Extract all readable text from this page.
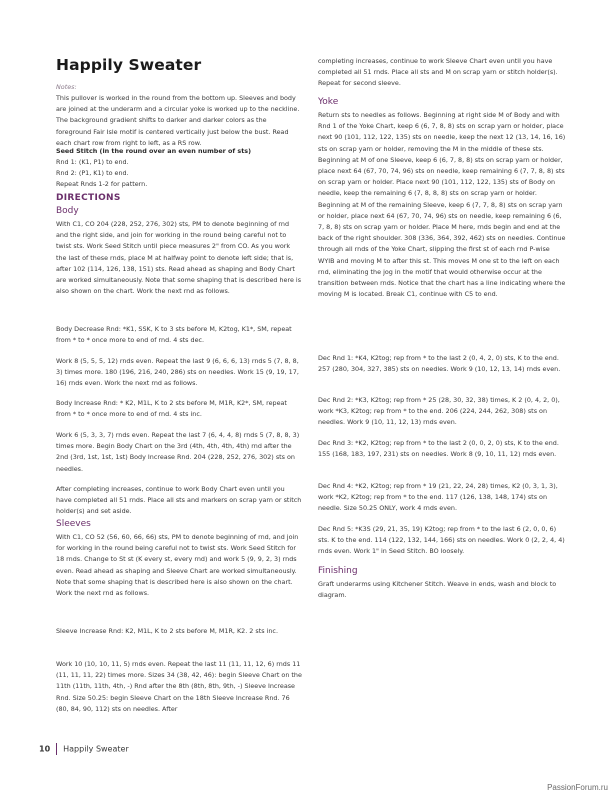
Happily Sweater

Notes:

This pullover is worked in the round from the bottom up. Sleeves and body are joined at the underarm and a circular yoke is worked up to the neckline. The background gradient shifts to darker and darker colors as the foreground Fair Isle motif is centered vertically just below the bust. Read each chart row from right to left, as a RS row.

Seed Stitch (in the round over an even number of sts)

Rnd 1: (K1, P1) to end.

Rnd 2: (P1, K1) to end.

Repeat Rnds 1-2 for pattern.

DIRECTIONS

Body

With C1, CO 204 (228, 252, 276, 302) sts, PM to denote beginning of rnd and the right side, and join for working in the round being careful not to twist sts. Work Seed Stitch until piece measures 2" from CO. As you work the last of these rnds, place M at halfway point to denote left side; that is, after 102 (114, 126, 138, 151) sts. Read ahead as shaping and Body Chart are worked simultaneously. Note that some shaping that is described here is also shown on the chart. Work the next rnd as follows.

Body Decrease Rnd: *K1, SSK, K to 3 sts before M, K2tog, K1*, SM, repeat from * to * once more to end of rnd. 4 sts dec.

Work 8 (5, 5, 5, 12) rnds even. Repeat the last 9 (6, 6, 6, 13) rnds 5 (7, 8, 8, 3) times more. 180 (196, 216, 240, 286) sts on needles. Work 15 (9, 19, 17, 16) rnds even. Work the next rnd as follows.

Body Increase Rnd: * K2, M1L, K to 2 sts before M, M1R, K2*, SM, repeat from * to * once more to end of rnd. 4 sts inc.

Work 6 (5, 3, 3, 7) rnds even. Repeat the last 7 (6, 4, 4, 8) rnds 5 (7, 8, 8, 3) times more. Begin Body Chart on the 3rd (4th, 4th, 4th, 4th) rnd after the 2nd (3rd, 1st, 1st, 1st) Body Increase Rnd. 204 (228, 252, 276, 302) sts on needles.

After completing increases, continue to work Body Chart even until you have completed all 51 rnds. Place all sts and markers on scrap yarn or stitch holder(s) and set aside.

Sleeves

With C1, CO 52 (56, 60, 66, 66) sts, PM to denote beginning of rnd, and join for working in the round being careful not to twist sts. Work Seed Stitch for 18 rnds. Change to St st (K every st, every rnd) and work 5 (9, 9, 2, 3) rnds even. Read ahead as shaping and Sleeve Chart are worked simultaneously. Note that some shaping that is described here is also shown on the chart. Work the next rnd as follows.

Sleeve Increase Rnd: K2, M1L, K to 2 sts before M, M1R, K2. 2 sts inc.

Work 10 (10, 10, 11, 5) rnds even. Repeat the last 11 (11, 11, 12, 6) rnds 11 (11, 11, 11, 22) times more. Sizes 34 (38, 42, 46): begin Sleeve Chart on the 11th (11th, 11th, 4th, -) Rnd after the 8th (8th, 8th, 9th, -) Sleeve Increase Rnd. Size 50.25: begin Sleeve Chart on the 18th Sleeve Increase Rnd. 76 (80, 84, 90, 112) sts on needles. After

completing increases, continue to work Sleeve Chart even until you have completed all 51 rnds. Place all sts and M on scrap yarn or stitch holder(s). Repeat for second sleeve.

Yoke

Return sts to needles as follows. Beginning at right side M of Body and with Rnd 1 of the Yoke Chart, keep 6 (6, 7, 8, 8) sts on scrap yarn or holder, place next 90 (101, 112, 122, 135) sts on needle, keep the next 12 (13, 14, 16, 16) sts on scrap yarn or holder, removing the M in the middle of these sts. Beginning at M of one Sleeve, keep 6 (6, 7, 8, 8) sts on scrap yarn or holder, place next 64 (67, 70, 74, 96) sts on needle, keep remaining 6 (7, 7, 8, 8) sts on scrap yarn or holder. Place next 90 (101, 112, 122, 135) sts of Body on needle, keep the remaining 6 (7, 8, 8, 8) sts on scrap yarn or holder. Beginning at M of the remaining Sleeve, keep 6 (7, 7, 8, 8) sts on scrap yarn or holder, place next 64 (67, 70, 74, 96) sts on needle, keep remaining 6 (6, 7, 8, 8) sts on scrap yarn or holder. Place M here, rnds begin and end at the back of the right shoulder. 308 (336, 364, 392, 462) sts on needles. Continue through all rnds of the Yoke Chart, slipping the first st of each rnd P-wise WYIB and moving M to after this st. This moves M one st to the left on each rnd, eliminating the jog in the motif that would otherwise occur at the transition between rnds. Notice that the chart has a line indicating where the moving M is located. Break C1, continue with C5 to end.

Dec Rnd 1: *K4, K2tog; rep from * to the last 2 (0, 4, 2, 0) sts, K to the end. 257 (280, 304, 327, 385) sts on needles. Work 9 (10, 12, 13, 14) rnds even.

Dec Rnd 2: *K3, K2tog; rep from * 25 (28, 30, 32, 38) times, K 2 (0, 4, 2, 0), work *K3, K2tog; rep from * to the end. 206 (224, 244, 262, 308) sts on needles. Work 9 (10, 11, 12, 13) rnds even.

Dec Rnd 3: *K2, K2tog; rep from * to the last 2 (0, 0, 2, 0) sts, K to the end. 155 (168, 183, 197, 231) sts on needles. Work 8 (9, 10, 11, 12) rnds even.

Dec Rnd 4: *K2, K2tog; rep from * 19 (21, 22, 24, 28) times, K2 (0, 3, 1, 3), work *K2, K2tog; rep from * to the end. 117 (126, 138, 148, 174) sts on needle. Size 50.25 ONLY, work 4 rnds even.

Dec Rnd 5: *K3S (29, 21, 35, 19) K2tog; rep from * to the last 6 (2, 0, 0, 6) sts. K to the end. 114 (122, 132, 144, 166) sts on needles. Work 0 (2, 2, 4, 4) rnds even. Work 1" in Seed Stitch. BO loosely.

Finishing

Graft underarms using Kitchener Stitch. Weave in ends, wash and block to diagram.

10 Happily Sweater
PassionForum.ru
